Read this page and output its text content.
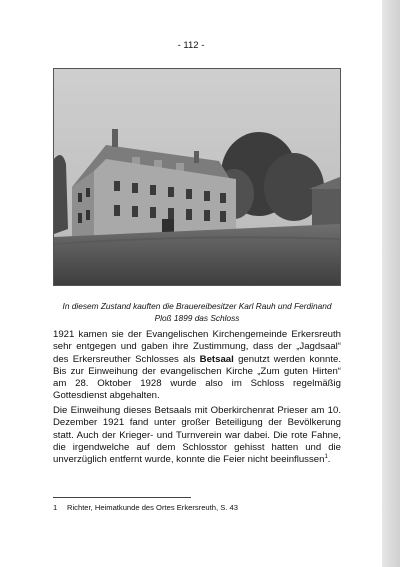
- 112 -
In diesem Zustand kauften die Brauereibesitzer Karl Rauh und Ferdinand Ploß 1899 das Schloss

1921 kamen sie der Evangelischen Kirchengemeinde Erkersreuth sehr entgegen und gaben ihre Zustimmung, dass der „Jagdsaal“ des Erkersreuther Schlosses als Betsaal genutzt werden konnte. Bis zur Einweihung der evangelischen Kirche „Zum guten Hirten“ am 28. Oktober 1928 wurde also im Schloss regelmäßig Gottesdienst abgehalten.

Die Einweihung dieses Betsaals mit Oberkirchenrat Prieser am 10. Dezember 1921 fand unter großer Beteiligung der Bevölkerung statt. Auch der Krieger- und Turnverein war dabei. Die rote Fahne, die irgendwelche auf dem Schlosstor gehisst hatten und die unverzüglich entfernt wurde, konnte die Feier nicht beeinflussen$^1$.

1 Richter, Heimatkunde des Ortes Erkersreuth, S. 43
